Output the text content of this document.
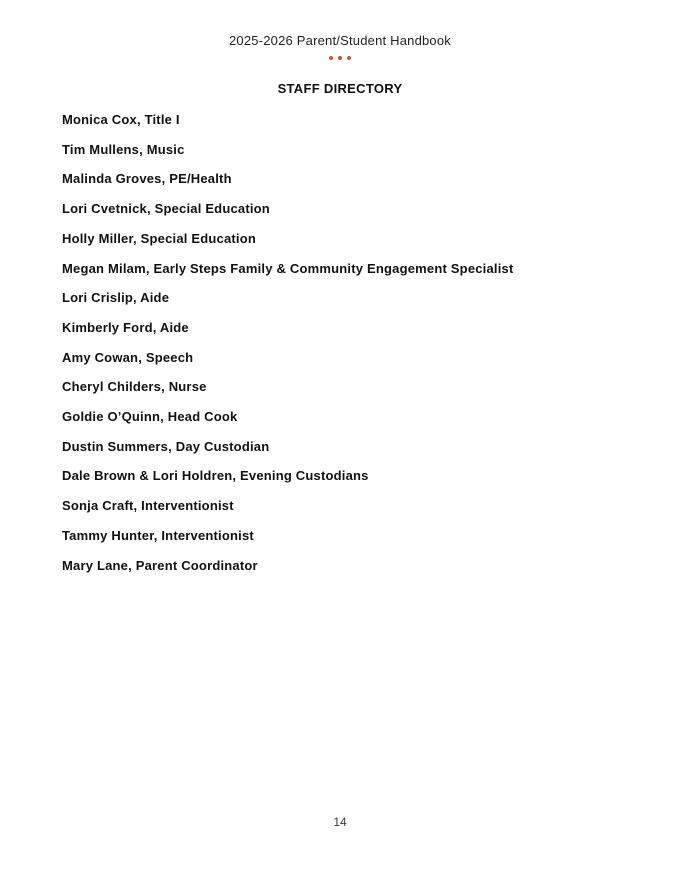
2025-2026 Parent/Student Handbook

STAFF DIRECTORY

Monica Cox, Title I

Tim Mullens, Music

Malinda Groves, PE/Health

Lori Cvetnick, Special Education

Holly Miller, Special Education

Megan Milam, Early Steps Family & Community Engagement Specialist

Lori Crislip, Aide

Kimberly Ford, Aide

Amy Cowan, Speech

Cheryl Childers, Nurse

Goldie O’Quinn, Head Cook

Dustin Summers, Day Custodian

Dale Brown & Lori Holdren, Evening Custodians

Sonja Craft, Interventionist

Tammy Hunter, Interventionist

Mary Lane, Parent Coordinator

14
